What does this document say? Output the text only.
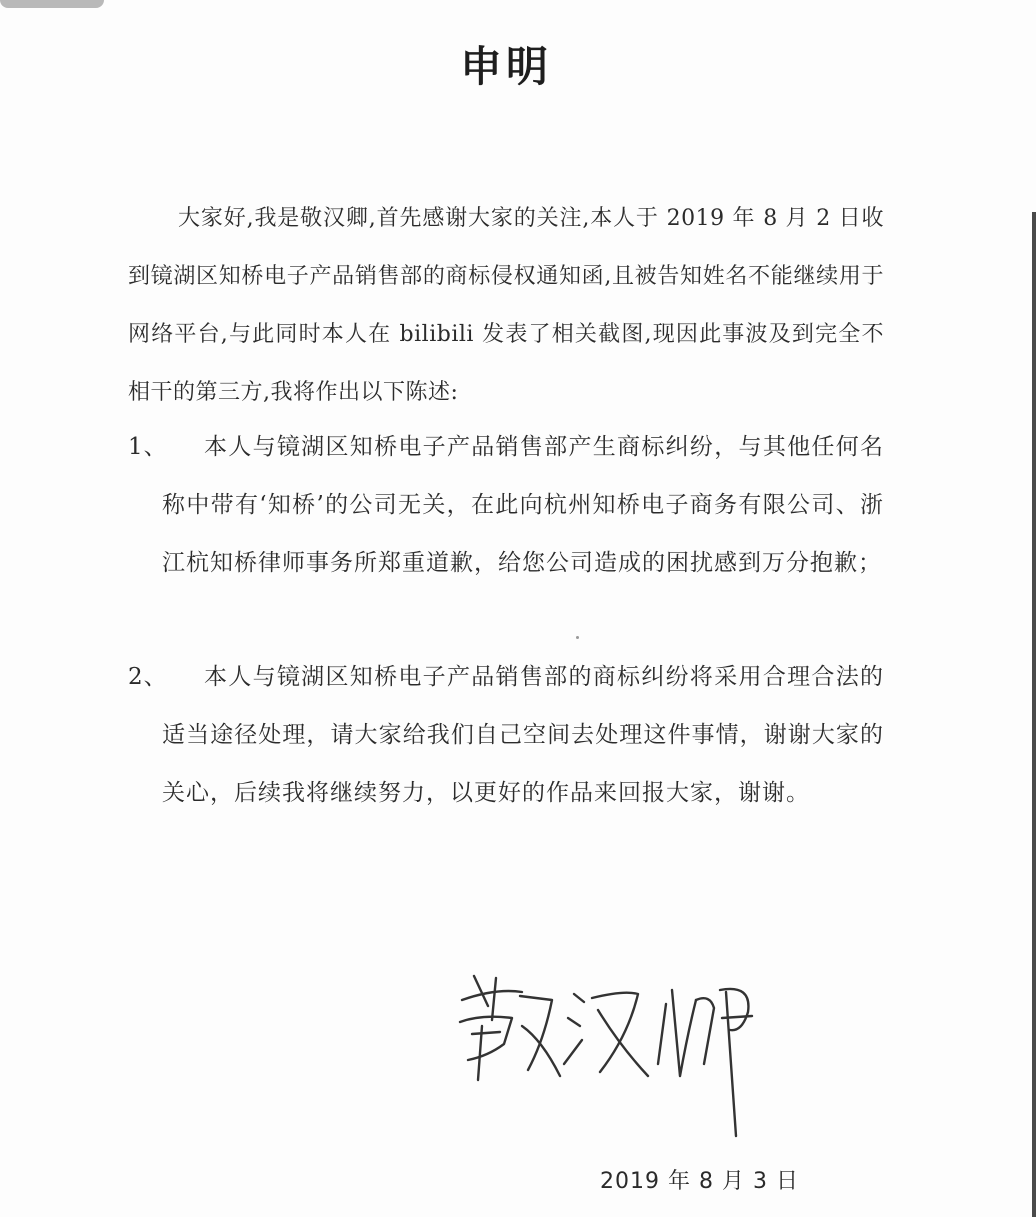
申明
大家好,我是敬汉卿,首先感谢大家的关注,本人于 2019 年 8 月 2 日收到镜湖区知桥电子产品销售部的商标侵权通知函,且被告知姓名不能继续用于网络平台,与此同时本人在 bilibili 发表了相关截图,现因此事波及到完全不相干的第三方,我将作出以下陈述:
1、	本人与镜湖区知桥电子产品销售部产生商标纠纷，与其他任何名称中带有‘知桥’的公司无关，在此向杭州知桥电子商务有限公司、浙江杭知桥律师事务所郑重道歉，给您公司造成的困扰感到万分抱歉；
2、	本人与镜湖区知桥电子产品销售部的商标纠纷将采用合理合法的适当途径处理，请大家给我们自己空间去处理这件事情，谢谢大家的关心，后续我将继续努力，以更好的作品来回报大家，谢谢。
2019 年 8 月 3 日
